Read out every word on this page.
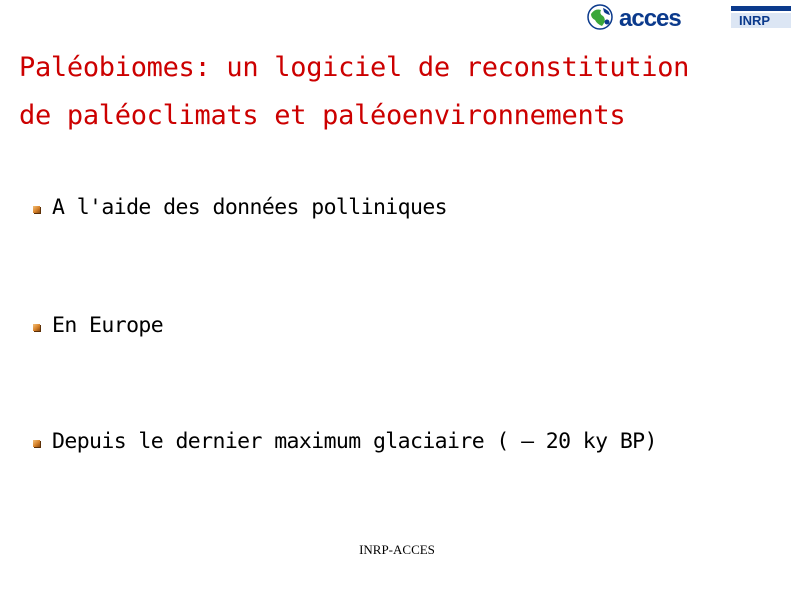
acces	INRP
Paléobiomes: un logiciel de reconstitution
de paléoclimats et paléoenvironnements
A l'aide des données polliniques
En Europe
Depuis le dernier maximum glaciaire ( – 20 ky BP)
INRP-ACCES
